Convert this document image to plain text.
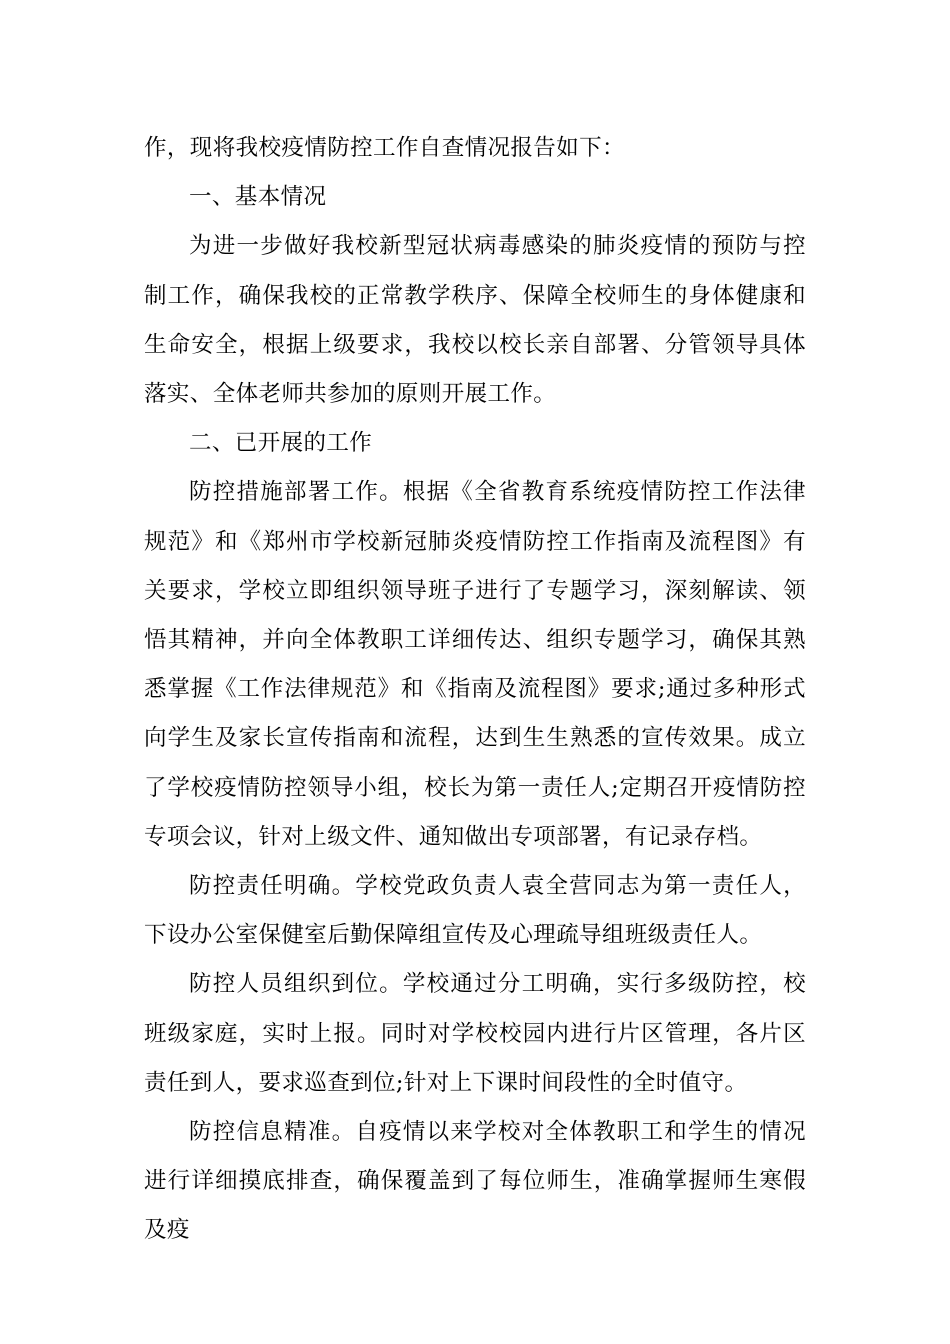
作，现将我校疫情防控工作自查情况报告如下：

一、基本情况

为进一步做好我校新型冠状病毒感染的肺炎疫情的预防与控制工作，确保我校的正常教学秩序、保障全校师生的身体健康和生命安全，根据上级要求，我校以校长亲自部署、分管领导具体落实、全体老师共参加的原则开展工作。

二、已开展的工作

防控措施部署工作。根据《全省教育系统疫情防控工作法律规范》和《郑州市学校新冠肺炎疫情防控工作指南及流程图》有关要求，学校立即组织领导班子进行了专题学习，深刻解读、领悟其精神，并向全体教职工详细传达、组织专题学习，确保其熟悉掌握《工作法律规范》和《指南及流程图》要求;通过多种形式向学生及家长宣传指南和流程，达到生生熟悉的宣传效果。成立了学校疫情防控领导小组，校长为第一责任人;定期召开疫情防控专项会议，针对上级文件、通知做出专项部署，有记录存档。

防控责任明确。学校党政负责人袁全营同志为第一责任人，下设办公室保健室后勤保障组宣传及心理疏导组班级责任人。

防控人员组织到位。学校通过分工明确，实行多级防控，校班级家庭，实时上报。同时对学校校园内进行片区管理，各片区责任到人，要求巡查到位;针对上下课时间段性的全时值守。

防控信息精准。自疫情以来学校对全体教职工和学生的情况进行详细摸底排查，确保覆盖到了每位师生，准确掌握师生寒假及疫
